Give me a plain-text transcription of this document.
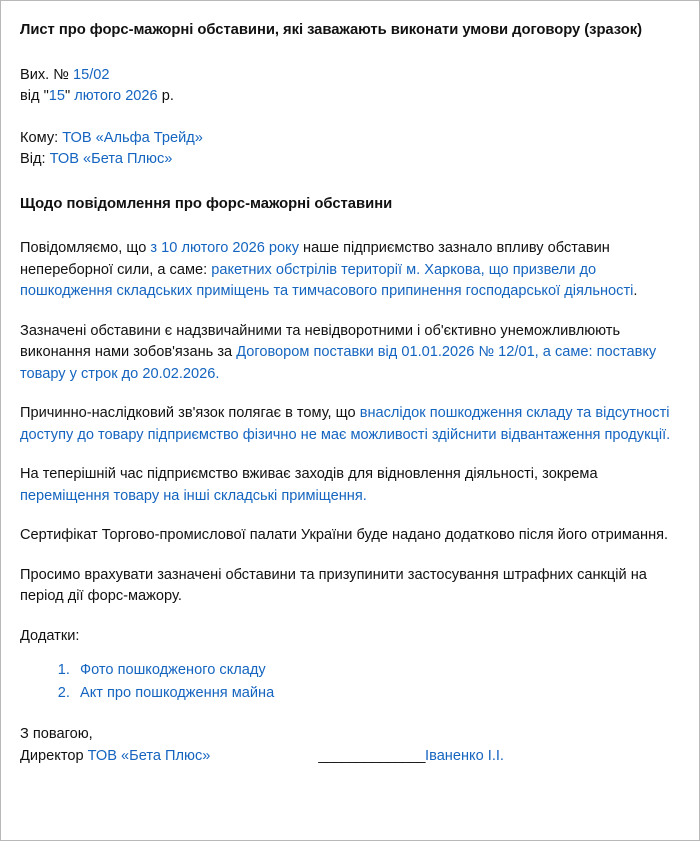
Лист про форс-мажорні обставини, які заважають виконати умови договору (зразок)
Вих. № 15/02
від "15" лютого 2026 р.
Кому: ТОВ «Альфа Трейд»
Від: ТОВ «Бета Плюс»
Щодо повідомлення про форс-мажорні обставини

Повідомляємо, що з 10 лютого 2026 року наше підприємство зазнало впливу обставин непереборної сили, а саме: ракетних обстрілів території м. Харкова, що призвели до пошкодження складських приміщень та тимчасового припинення господарської діяльності.

Зазначені обставини є надзвичайними та невідворотними і об'єктивно унеможливлюють виконання нами зобов'язань за Договором поставки від 01.01.2026 № 12/01, а саме: поставку товару у строк до 20.02.2026.

Причинно-наслідковий зв'язок полягає в тому, що внаслідок пошкодження складу та відсутності доступу до товару підприємство фізично не має можливості здійснити відвантаження продукції.

На теперішній час підприємство вживає заходів для відновлення діяльності, зокрема переміщення товару на інші складські приміщення.

Сертифікат Торгово-промислової палати України буде надано додатково після його отримання.

Просимо врахувати зазначені обставини та призупинити застосування штрафних санкцій на період дії форс-мажору.

Додатки:
1. Фото пошкодженого складу
2. Акт про пошкодження майна
З повагою,
Директор ТОВ «Бета Плюс»	______________Іваненко І.І.
